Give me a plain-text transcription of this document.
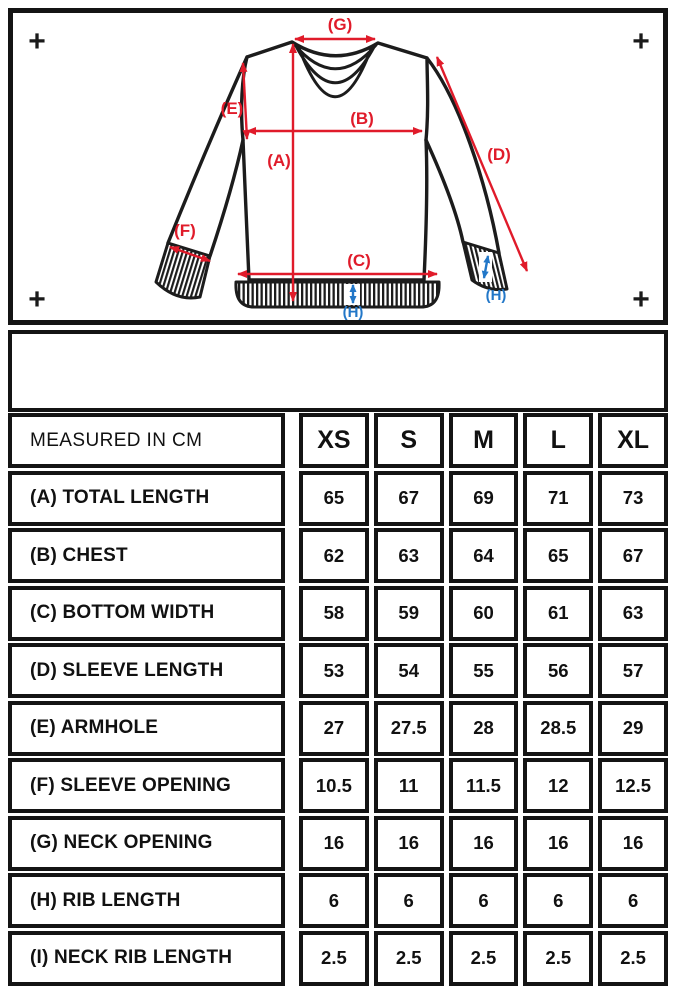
+	+
+	+
(G)
(E)
(B)
(A)	(D)
(F)
(C)
(H)
(H)
MEASURED IN CM	XS	S	M	L	XL
(A) TOTAL LENGTH	65	67	69	71	73
(B) CHEST	62	63	64	65	67
(C) BOTTOM WIDTH	58	59	60	61	63
(D) SLEEVE LENGTH	53	54	55	56	57
(E) ARMHOLE	27	27.5	28	28.5	29
(F) SLEEVE OPENING	10.5	11	11.5	12	12.5
(G) NECK OPENING	16	16	16	16	16
(H) RIB LENGTH	6	6	6	6	6
(I) NECK RIB LENGTH	2.5	2.5	2.5	2.5	2.5
